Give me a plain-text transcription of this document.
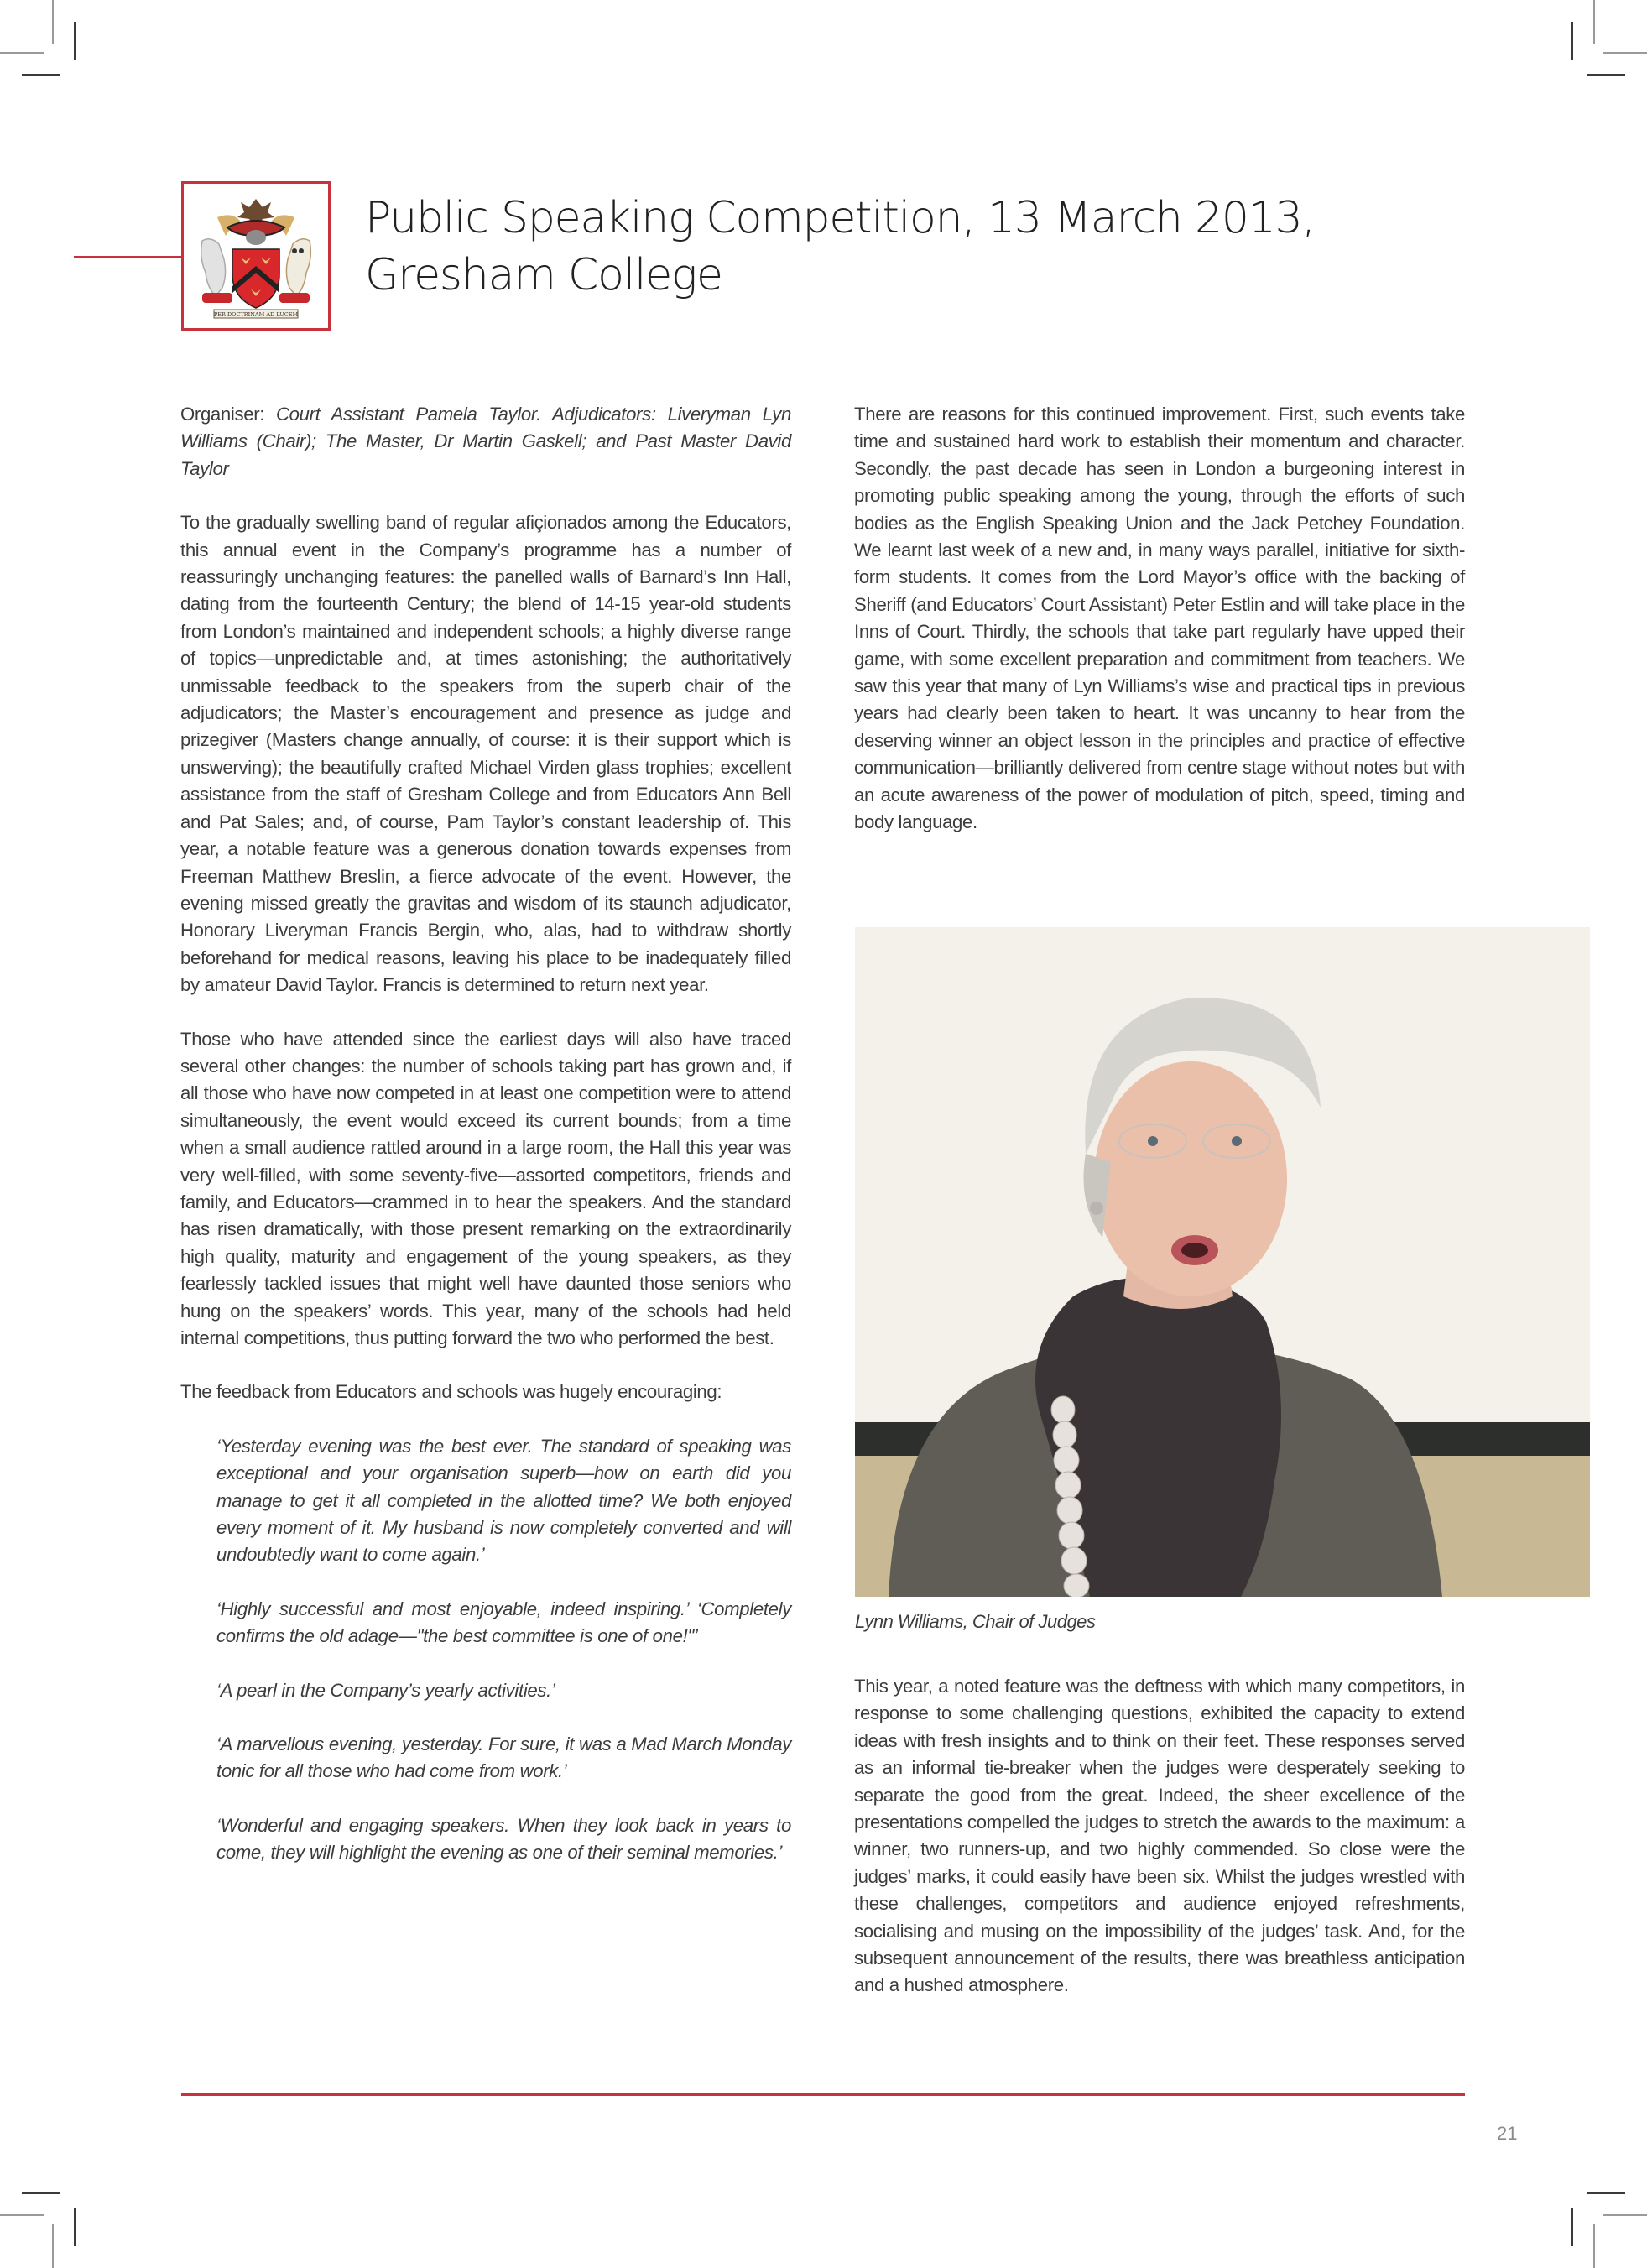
PER DOCTRINAM AD LUCEM
Public Speaking Competition, 13 March 2013,
Gresham College

Organiser: Court Assistant Pamela Taylor. Adjudicators: Liveryman Lyn Williams (Chair); The Master, Dr Martin Gaskell; and Past Master David Taylor

To the gradually swelling band of regular afiçionados among the Educators, this annual event in the Company’s programme has a number of reassuringly unchanging features: the panelled walls of Barnard’s Inn Hall, dating from the fourteenth Century; the blend of 14-15 year-old students from London’s maintained and independent schools; a highly diverse range of topics—unpredictable and, at times astonishing; the authoritatively unmissable feedback to the speakers from the superb chair of the adjudicators; the Master’s encouragement and presence as judge and prizegiver (Masters change annually, of course: it is their support which is unswerving); the beautifully crafted Michael Virden glass trophies; excellent assistance from the staff of Gresham College and from Educators Ann Bell and Pat Sales; and, of course, Pam Taylor’s constant leadership of. This year, a notable feature was a generous donation towards expenses from Freeman Matthew Breslin, a fierce advocate of the event. However, the evening missed greatly the gravitas and wisdom of its staunch adjudicator, Honorary Liveryman Francis Bergin, who, alas, had to withdraw shortly beforehand for medical reasons, leaving his place to be inadequately filled by amateur David Taylor. Francis is determined to return next year.

Those who have attended since the earliest days will also have traced several other changes: the number of schools taking part has grown and, if all those who have now competed in at least one competition were to attend simultaneously, the event would exceed its current bounds; from a time when a small audience rattled around in a large room, the Hall this year was very well-filled, with some seventy-five—assorted competitors, friends and family, and Educators—crammed in to hear the speakers. And the standard has risen dramatically, with those present remarking on the extraordinarily high quality, maturity and engagement of the young speakers, as they fearlessly tackled issues that might well have daunted those seniors who hung on the speakers’ words. This year, many of the schools had held internal competitions, thus putting forward the two who performed the best.

The feedback from Educators and schools was hugely encouraging:

‘Yesterday evening was the best ever. The standard of speaking was exceptional and your organisation superb—how on earth did you manage to get it all completed in the allotted time? We both enjoyed every moment of it. My husband is now completely converted and will undoubtedly want to come again.’

‘Highly successful and most enjoyable, indeed inspiring.’ ‘Completely confirms the old adage—"the best committee is one of one!"’

‘A pearl in the Company’s yearly activities.’

‘A marvellous evening, yesterday. For sure, it was a Mad March Monday tonic for all those who had come from work.’

‘Wonderful and engaging speakers. When they look back in years to come, they will highlight the evening as one of their seminal memories.’

There are reasons for this continued improvement. First, such events take time and sustained hard work to establish their momentum and character. Secondly, the past decade has seen in London a burgeoning interest in promoting public speaking among the young, through the efforts of such bodies as the English Speaking Union and the Jack Petchey Foundation. We learnt last week of a new and, in many ways parallel, initiative for sixth-form students. It comes from the Lord Mayor’s office with the backing of Sheriff (and Educators’ Court Assistant) Peter Estlin and will take place in the Inns of Court. Thirdly, the schools that take part regularly have upped their game, with some excellent preparation and commitment from teachers. We saw this year that many of Lyn Williams’s wise and practical tips in previous years had clearly been taken to heart. It was uncanny to hear from the deserving winner an object lesson in the principles and practice of effective communication—brilliantly delivered from centre stage without notes but with an acute awareness of the power of modulation of pitch, speed, timing and body language.

Lynn Williams, Chair of Judges

This year, a noted feature was the deftness with which many competitors, in response to some challenging questions, exhibited the capacity to extend ideas with fresh insights and to think on their feet. These responses served as an informal tie-breaker when the judges were desperately seeking to separate the good from the great. Indeed, the sheer excellence of the presentations compelled the judges to stretch the awards to the maximum: a winner, two runners-up, and two highly commended. So close were the judges’ marks, it could easily have been six. Whilst the judges wrestled with these challenges, competitors and audience enjoyed refreshments, socialising and musing on the impossibility of the judges’ task. And, for the subsequent announcement of the results, there was breathless anticipation and a hushed atmosphere.

21
